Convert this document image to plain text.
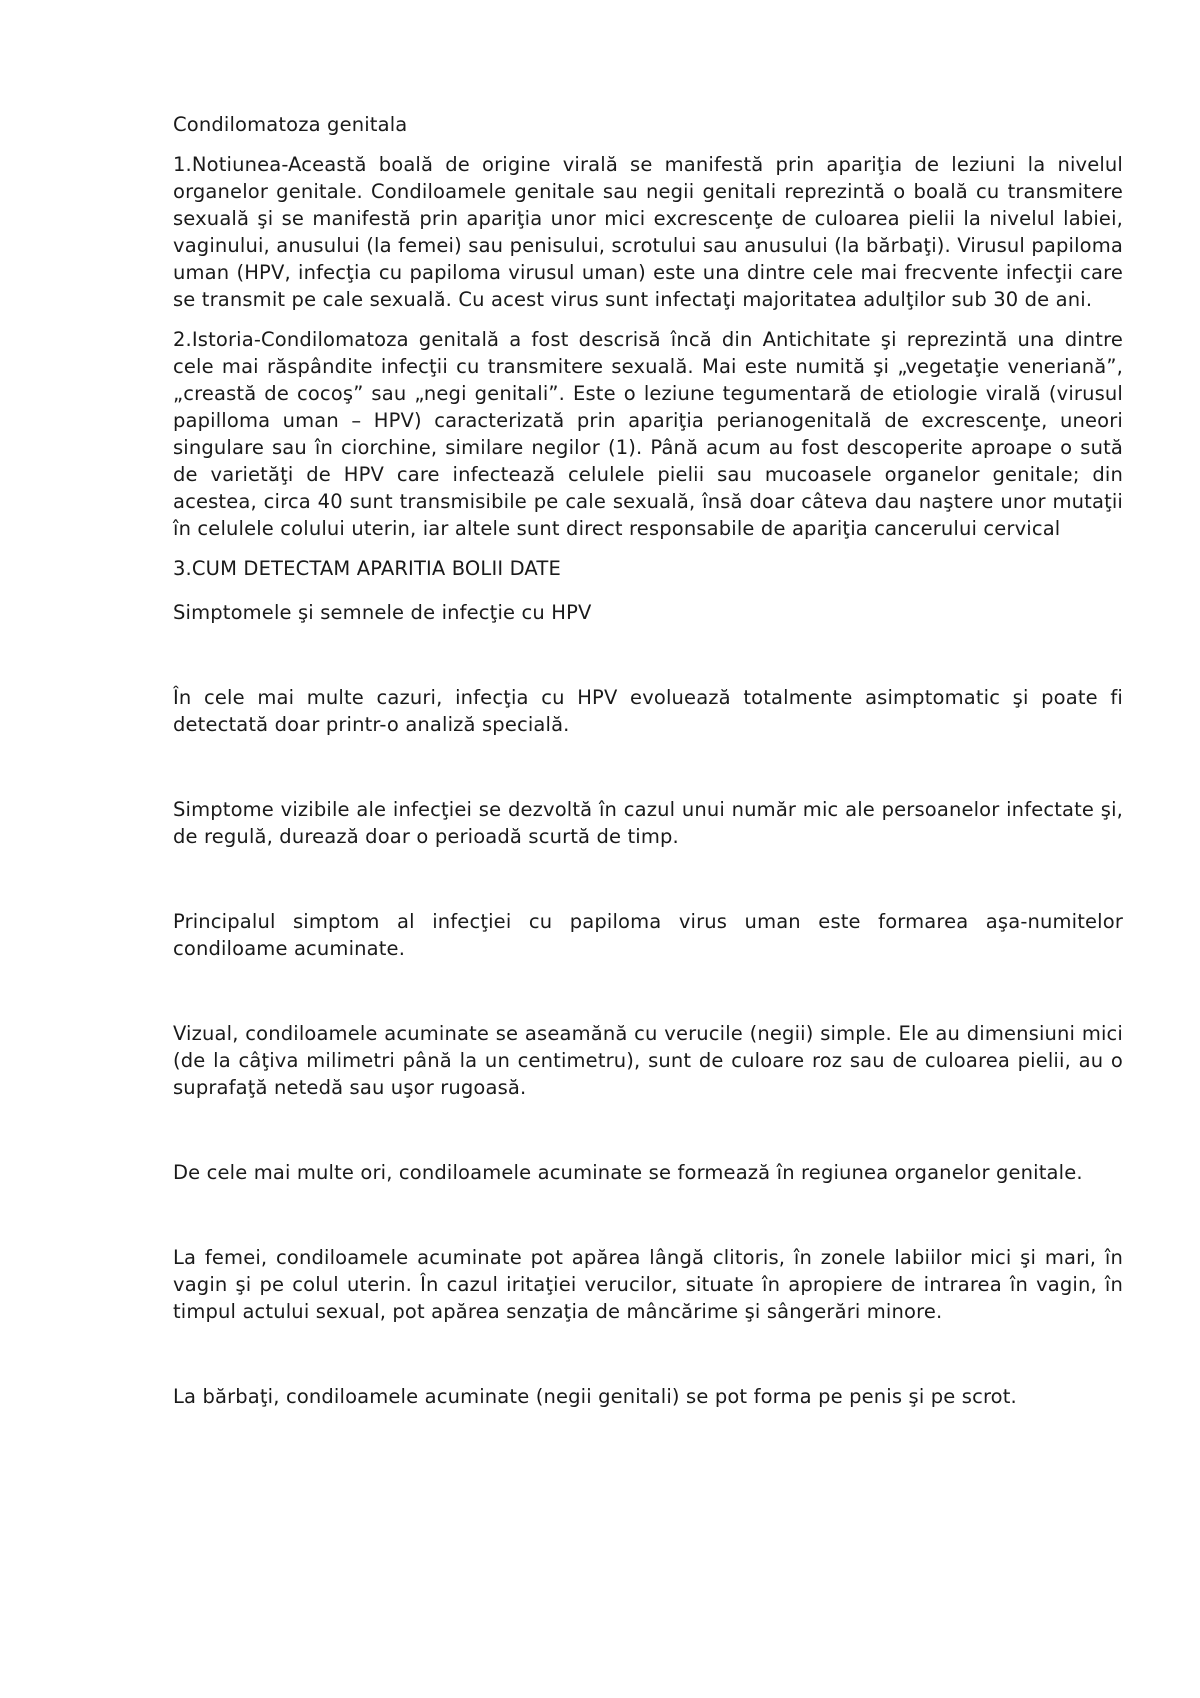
Condilomatoza genitala

1.Notiunea-Această boală de origine virală se manifestă prin apariţia de leziuni la nivelul organelor genitale. Condiloamele genitale sau negii genitali reprezintă o boală cu transmitere sexuală şi se manifestă prin apariţia unor mici excrescenţe de culoarea pielii la nivelul labiei, vaginului, anusului (la femei) sau penisului, scrotului sau anusului (la bărbaţi). Virusul papiloma uman (HPV, infecţia cu papiloma virusul uman) este una dintre cele mai frecvente infecţii care se transmit pe cale sexuală. Cu acest virus sunt infectaţi majoritatea adulţilor sub 30 de ani.

2.Istoria-Condilomatoza genitală a fost descrisă încă din Antichitate şi reprezintă una dintre cele mai răspândite infecţii cu transmitere sexuală. Mai este numită şi „vegetaţie veneriană”, „creastă de cocoş” sau „negi genitali”. Este o leziune tegumentară de etiologie virală (virusul papilloma uman – HPV) caracterizată prin apariţia perianogenitală de excrescenţe, uneori singulare sau în ciorchine, similare negilor (1). Până acum au fost descoperite aproape o sută de varietăţi de HPV care infectează celulele pielii sau mucoasele organelor genitale; din acestea, circa 40 sunt transmisibile pe cale sexuală, însă doar câteva dau naştere unor mutaţii în celulele colului uterin, iar altele sunt direct responsabile de apariţia cancerului cervical

3.CUM DETECTAM APARITIA BOLII DATE

Simptomele şi semnele de infecţie cu HPV

În cele mai multe cazuri, infecţia cu HPV evoluează totalmente asimptomatic şi poate fi detectată doar printr-o analiză specială.

Simptome vizibile ale infecţiei se dezvoltă în cazul unui număr mic ale persoanelor infectate şi, de regulă, durează doar o perioadă scurtă de timp.

Principalul simptom al infecţiei cu papiloma virus uman este formarea aşa-numitelor condiloame acuminate.

Vizual, condiloamele acuminate se aseamănă cu verucile (negii) simple. Ele au dimensiuni mici (de la câţiva milimetri până la un centimetru), sunt de culoare roz sau de culoarea pielii, au o suprafaţă netedă sau uşor rugoasă.

De cele mai multe ori, condiloamele acuminate se formează în regiunea organelor genitale.

La femei, condiloamele acuminate pot apărea lângă clitoris, în zonele labiilor mici şi mari, în vagin şi pe colul uterin. În cazul iritaţiei verucilor, situate în apropiere de intrarea în vagin, în timpul actului sexual, pot apărea senzaţia de mâncărime şi sângerări minore.

La bărbaţi, condiloamele acuminate (negii genitali) se pot forma pe penis şi pe scrot.
